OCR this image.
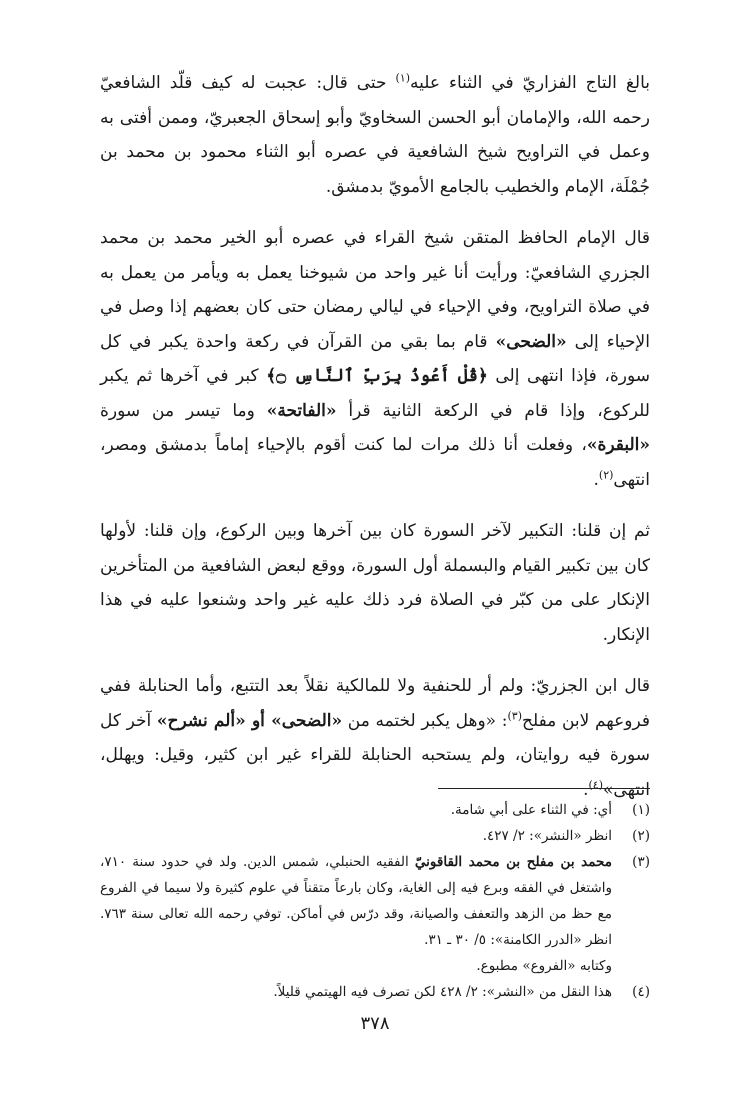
بالغ التاج الفزاريّ في الثناء عليه$^{(١)}$ حتى قال: عجبت له كيف قلّد الشافعيّ رحمه الله، والإمامان أبو الحسن السخاويّ وأبو إسحاق الجعبريّ، وممن أفتى به وعمل في التراويح شيخ الشافعية في عصره أبو الثناء محمود بن محمد بن جُمْلَة، الإمام والخطيب بالجامع الأمويّ بدمشق.

قال الإمام الحافظ المتقن شيخ القراء في عصره أبو الخير محمد بن محمد الجزري الشافعيّ: ورأيت أنا غير واحد من شيوخنا يعمل به ويأمر من يعمل به في صلاة التراويح، وفي الإحياء في ليالي رمضان حتى كان بعضهم إذا وصل في الإحياء إلى «الضحى» قام بما بقي من القرآن في ركعة واحدة يكبر في كل سورة، فإذا انتهى إلى ﴿قُلْ أَعُوذُ بِرَبِّ ٱلنَّاسِ ۝﴾ كبر في آخرها ثم يكبر للركوع، وإذا قام في الركعة الثانية قرأ «الفاتحة» وما تيسر من سورة «البقرة»، وفعلت أنا ذلك مرات لما كنت أقوم بالإحياء إماماً بدمشق ومصر، انتهى$^{(٢)}$.

ثم إن قلنا: التكبير لآخر السورة كان بين آخرها وبين الركوع، وإن قلنا: لأولها كان بين تكبير القيام والبسملة أول السورة، ووقع لبعض الشافعية من المتأخرين الإنكار على من كبّر في الصلاة فرد ذلك عليه غير واحد وشنعوا عليه في هذا الإنكار.

قال ابن الجزريّ: ولم أر للحنفية ولا للمالكية نقلاً بعد التتبع، وأما الحنابلة ففي فروعهم لابن مفلح$^{(٣)}$: «وهل يكبر لختمه من «الضحى» أو «ألم نشرح» آخر كل سورة فيه روايتان، ولم يستحبه الحنابلة للقراء غير ابن كثير، وقيل: ويهلل، انتهى»$^{(٤)}$.

(١)
أي: في الثناء على أبي شامة.
(٢)
انظر «النشر»: ٢/ ٤٢٧.
(٣)
محمد بن مفلح بن محمد القاقونيّ الفقيه الحنبلي، شمس الدين. ولد في حدود سنة ٧١٠، واشتغل في الفقه وبرع فيه إلى الغاية، وكان بارعاً متقناً في علوم كثيرة ولا سيما في الفروع مع حظ من الزهد والتعفف والصيانة، وقد درّس في أماكن. توفي رحمه الله تعالى سنة ٧٦٣. انظر «الدرر الكامنة»: ٥/ ٣٠ ـ ٣١.
وكتابه «الفروع» مطبوع.
(٤)
هذا النقل من «النشر»: ٢/ ٤٢٨ لكن تصرف فيه الهيتمي قليلاً.
٣٧٨
